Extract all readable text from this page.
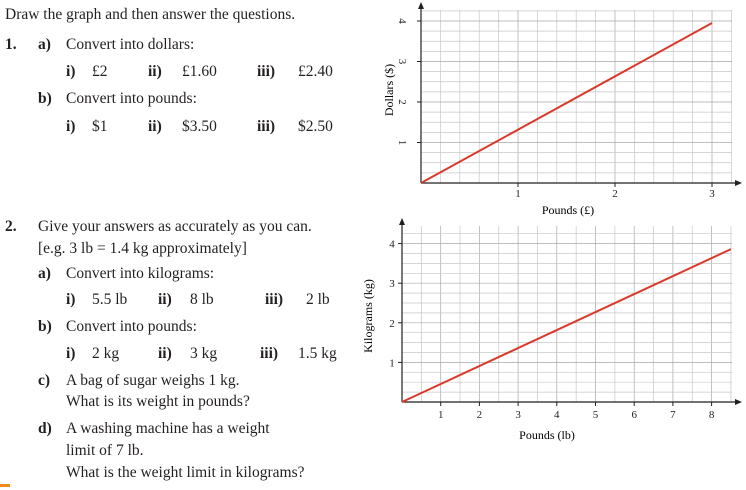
Draw the graph and then answer the questions.
1. a) Convert into dollars:
i) £2	ii) £1.60	iii) £2.40
b) Convert into pounds:
i) $1	ii) $3.50	iii) $2.50
2. Give your answers as accurately as you can.
[e.g. 3 lb = 1.4 kg approximately]
a) Convert into kilograms:
i) 5.5 lb ii) 8 lb	iii) 2 lb
b) Convert into pounds:
i) 2 kg	ii) 3 kg	iii) 1.5 kg
c) A bag of sugar weighs 1 kg.
What is its weight in pounds?
d) A washing machine has a weight
limit of 7 lb.
What is the weight limit in kilograms?
1	2	3
1
2
3
4
Pounds (£)
Dollars ($)
1	2	3	4	5	6	7	8
1
2
3
4
Pounds (lb)
Kilograms (kg)
